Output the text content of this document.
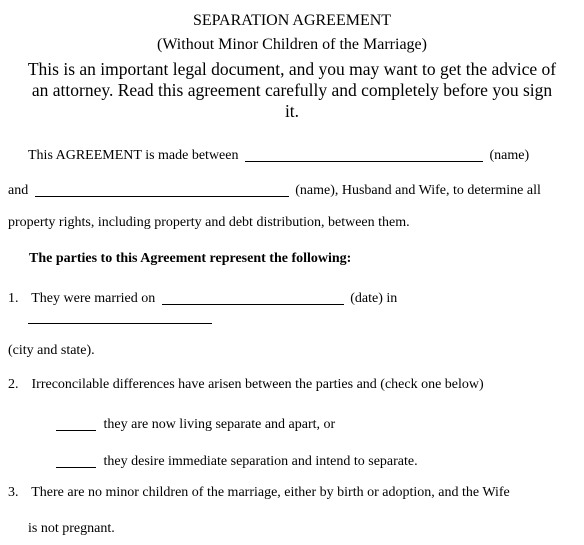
SEPARATION AGREEMENT
(Without Minor Children of the Marriage)
This is an important legal document, and you may want to get the advice of
an attorney. Read this agreement carefully and completely before you sign
it.
This AGREEMENT is made between	(name)
and	(name), Husband and Wife, to determine all
property rights, including property and debt distribution, between them.
The parties to this Agreement represent the following:
1. They were married on	(date) in
(city and state).
2. Irreconcilable differences have arisen between the parties and (check one below)
they are now living separate and apart, or
they desire immediate separation and intend to separate.
3. There are no minor children of the marriage, either by birth or adoption, and the Wife
is not pregnant.
